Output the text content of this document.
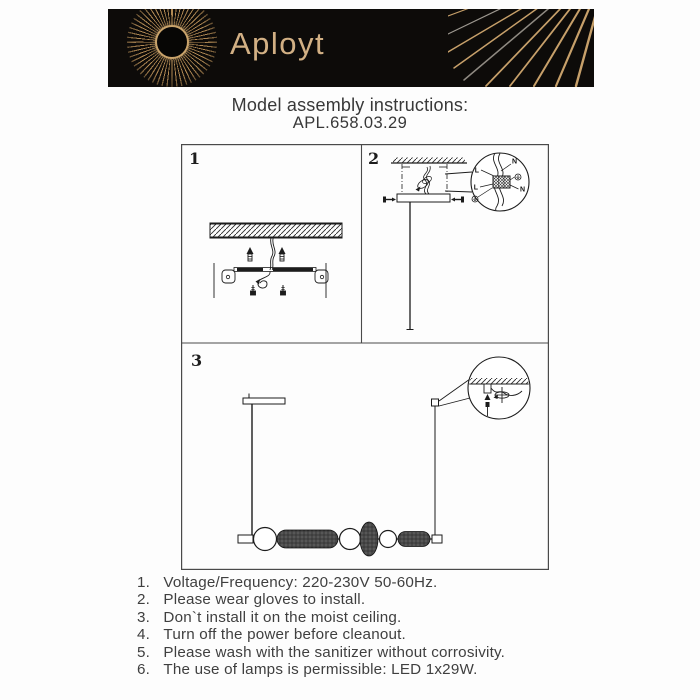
Aployt
Model assembly instructions:
APL.658.03.29
1	2
3
L
N
L	N
1. Voltage/Frequency: 220-230V 50-60Hz.
2. Please wear gloves to install.
3. Don`t install it on the moist ceiling.
4. Turn off the power before cleanout.
5. Please wash with the sanitizer without corrosivity.
6. The use of lamps is permissible: LED 1x29W.
